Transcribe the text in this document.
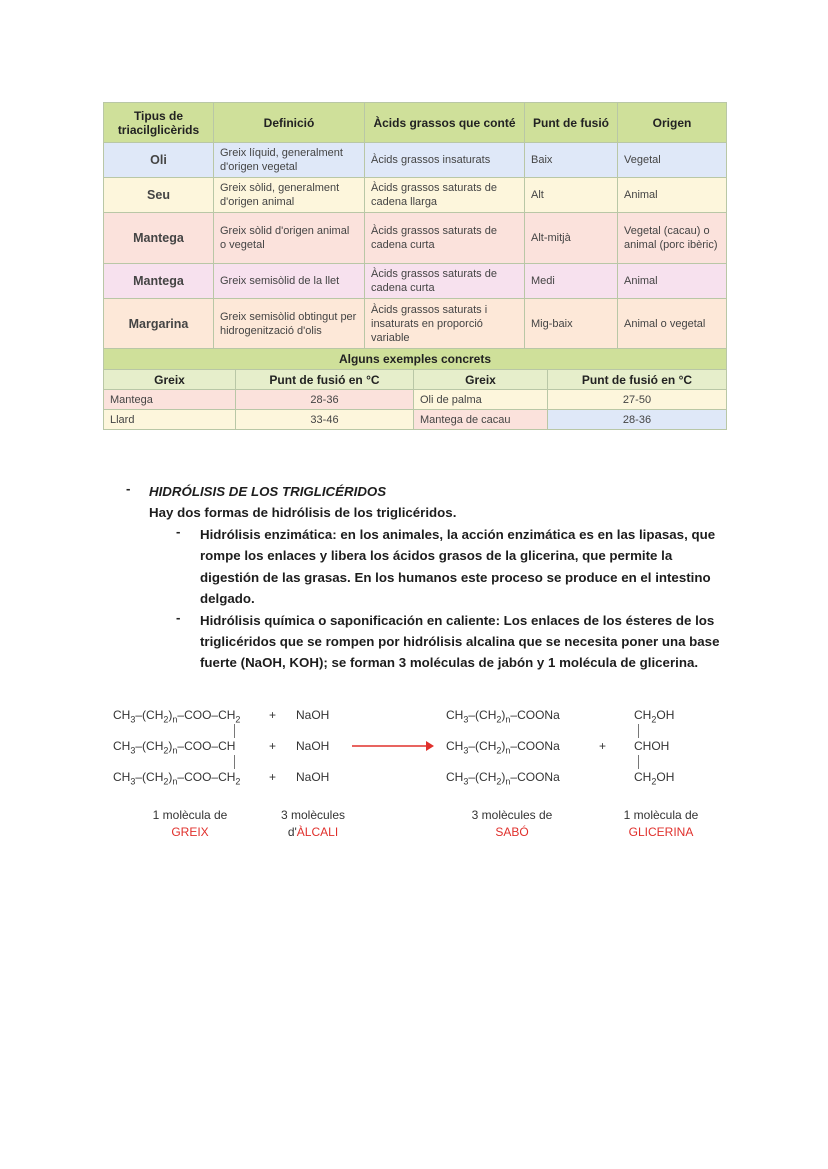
Tipus de triacilglicèrids	Definició	Àcids grassos que conté	Punt de fusió	Origen
Oli	Greix líquid, generalment d'origen vegetal	Àcids grassos insaturats	Baix	Vegetal
Seu	Greix sòlid, generalment d'origen animal	Àcids grassos saturats de cadena llarga	Alt	Animal
Mantega	Greix sòlid d'origen animal o vegetal	Àcids grassos saturats de cadena curta	Alt-mitjà	Vegetal (cacau) o animal (porc ibèric)
Mantega	Greix semisòlid de la llet	Àcids grassos saturats de cadena curta	Medi	Animal
Margarina	Greix semisòlid obtingut per hidrogenització d'olis	Àcids grassos saturats i insaturats en proporció variable	Mig-baix	Animal o vegetal
Alguns exemples concrets			
Greix	Punt de fusió en °C	Greix	Punt de fusió en °C
Mantega	28-36	Oli de palma	27-50
Llard	33-46	Mantega de cacau	28-36
- HIDRÓLISIS DE LOS TRIGLICÉRIDOS
Hay dos formas de hidrólisis de los triglicéridos.
- Hidrólisis enzimática: en los animales, la acción enzimática es en las lipasas, que
rompe los enlaces y libera los ácidos grasos de la glicerina, que permite la
digestión de las grasas. En los humanos este proceso se produce en el intestino
delgado.
- Hidrólisis química o saponificación en caliente: Los enlaces de los ésteres de los
triglicéridos que se rompen por hidrólisis alcalina que se necesita poner una base
fuerte (NaOH, KOH); se forman 3 moléculas de jabón y 1 molécula de glicerina.
$CH_3-(CH_2)_n-COO-CH_2$
$CH_3-(CH_2)_n-COO-CH$
$CH_3-(CH_2)_n-COO-CH_2$
+
+
+
NaOH
NaOH
NaOH
$CH_3-(CH_2)_n$–COONa
$CH_3-(CH_2)_n$–COONa
$CH_3-(CH_2)_n$–COONa
+
$CH_2OH$
CHOH
$CH_2OH$
1 molècula de
GREIX
3 molècules
d'ÀLCALI
3 molècules de
SABÓ
1 molècula de
GLICERINA
